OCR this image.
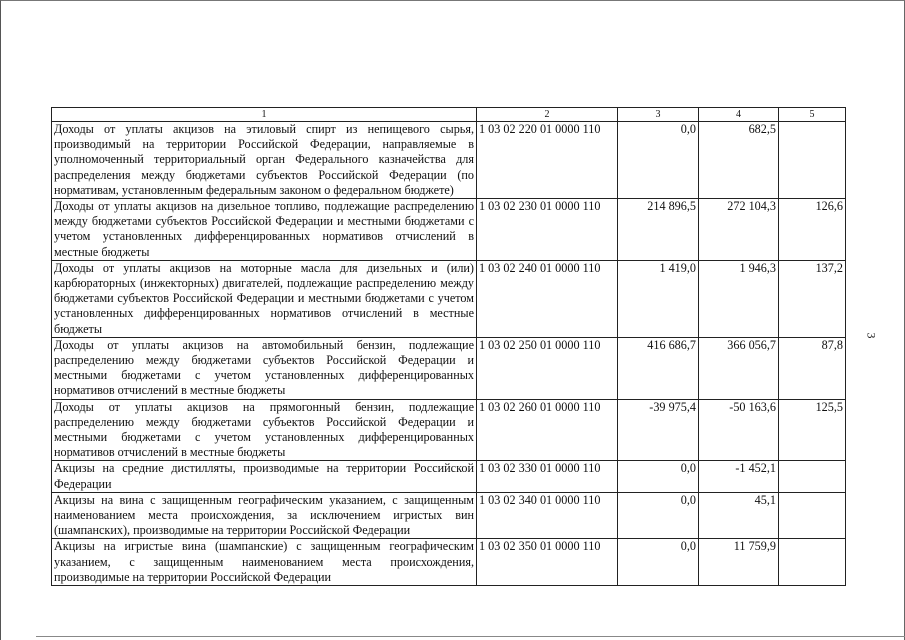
3
1	2	3	4	5
Доходы от уплаты акцизов на этиловый спирт из непищевого сырья, производимый на территории Российской Федерации, направляемые в уполномоченный территориальный орган Федерального казначейства для распределения между бюджетами субъектов Российской Федерации (по нормативам, установленным федеральным законом о федеральном бюджете)	1 03 02 220 01 0000 110	0,0	682,5	
Доходы от уплаты акцизов на дизельное топливо, подлежащие распределению между бюджетами субъектов Российской Федерации и местными бюджетами с учетом установленных дифференцированных нормативов отчислений в местные бюджеты	1 03 02 230 01 0000 110	214 896,5	272 104,3	126,6
Доходы от уплаты акцизов на моторные масла для дизельных и (или) карбюраторных (инжекторных) двигателей, подлежащие распределению между бюджетами субъектов Российской Федерации и местными бюджетами с учетом установленных дифференцированных нормативов отчислений в местные бюджеты	1 03 02 240 01 0000 110	1 419,0	1 946,3	137,2
Доходы от уплаты акцизов на автомобильный бензин, подлежащие распределению между бюджетами субъектов Российской Федерации и местными бюджетами с учетом установленных дифференцированных нормативов отчислений в местные бюджеты	1 03 02 250 01 0000 110	416 686,7	366 056,7	87,8
Доходы от уплаты акцизов на прямогонный бензин, подлежащие распределению между бюджетами субъектов Российской Федерации и местными бюджетами с учетом установленных дифференцированных нормативов отчислений в местные бюджеты	1 03 02 260 01 0000 110	-39 975,4	-50 163,6	125,5
Акцизы на средние дистилляты, производимые на территории Российской Федерации	1 03 02 330 01 0000 110	0,0	-1 452,1	
Акцизы на вина с защищенным географическим указанием, с защищенным наименованием места происхождения, за исключением игристых вин (шампанских), производимые на территории Российской Федерации	1 03 02 340 01 0000 110	0,0	45,1	
Акцизы на игристые вина (шампанские) с защищенным географическим указанием, с защищенным наименованием места происхождения, производимые на территории Российской Федерации	1 03 02 350 01 0000 110	0,0	11 759,9	
